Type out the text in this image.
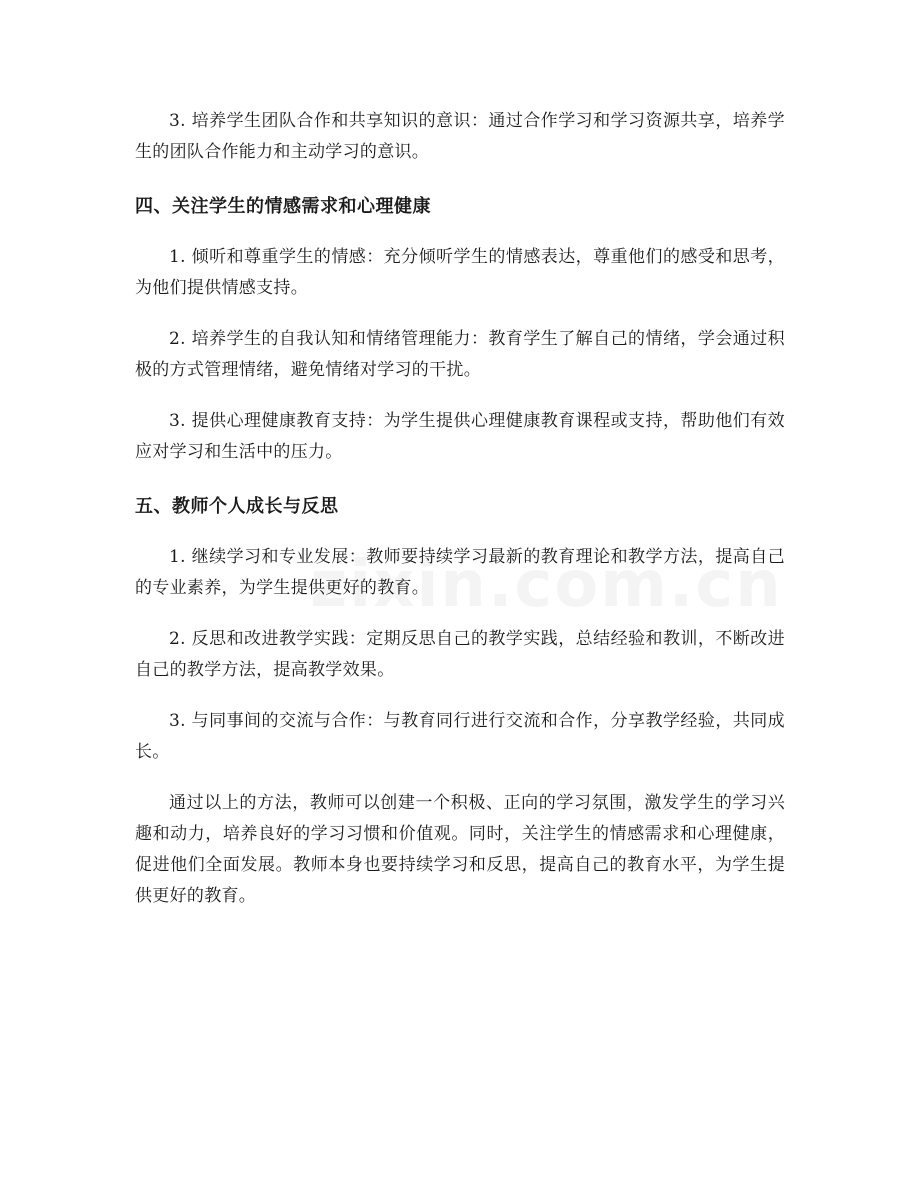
3. 培养学生团队合作和共享知识的意识：通过合作学习和学习资源共享，培养学生的团队合作能力和主动学习的意识。

四、关注学生的情感需求和心理健康

1. 倾听和尊重学生的情感：充分倾听学生的情感表达，尊重他们的感受和思考，为他们提供情感支持。

2. 培养学生的自我认知和情绪管理能力：教育学生了解自己的情绪，学会通过积极的方式管理情绪，避免情绪对学习的干扰。

3. 提供心理健康教育支持：为学生提供心理健康教育课程或支持，帮助他们有效应对学习和生活中的压力。

五、教师个人成长与反思

1. 继续学习和专业发展：教师要持续学习最新的教育理论和教学方法，提高自己的专业素养，为学生提供更好的教育。

2. 反思和改进教学实践：定期反思自己的教学实践，总结经验和教训，不断改进自己的教学方法，提高教学效果。

3. 与同事间的交流与合作：与教育同行进行交流和合作，分享教学经验，共同成长。

通过以上的方法，教师可以创建一个积极、正向的学习氛围，激发学生的学习兴趣和动力，培养良好的学习习惯和价值观。同时，关注学生的情感需求和心理健康，促进他们全面发展。教师本身也要持续学习和反思，提高自己的教育水平，为学生提供更好的教育。
